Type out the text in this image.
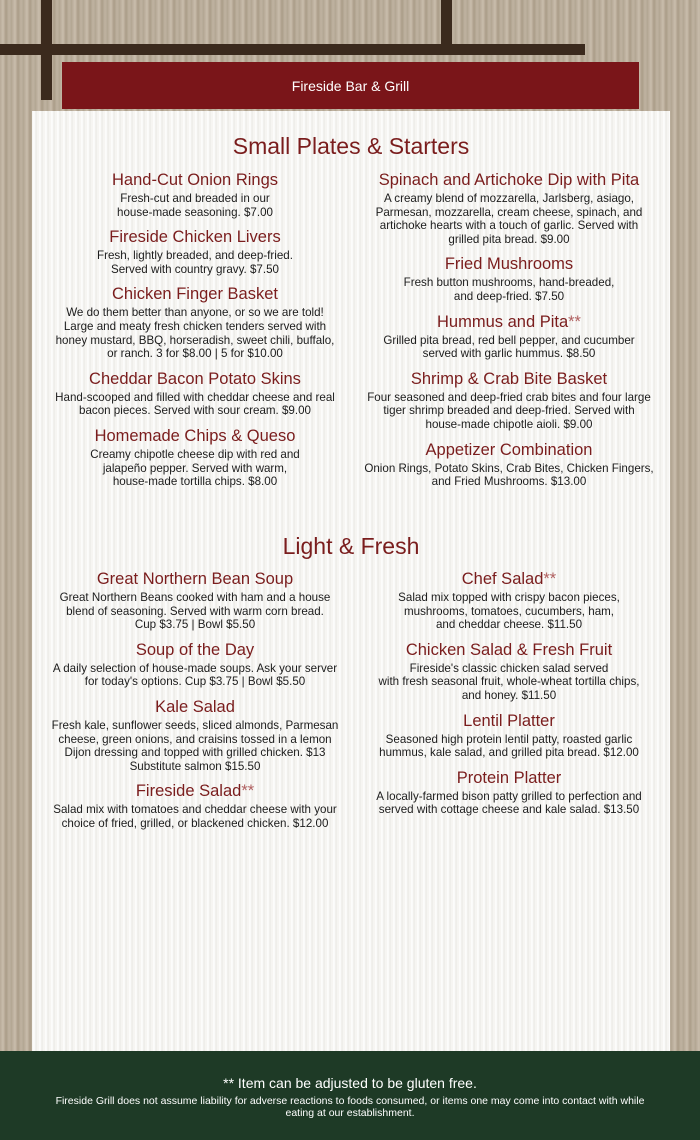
Fireside Bar & Grill
Small Plates & Starters
Hand-Cut Onion Rings
Fresh-cut and breaded in our
house-made seasoning. $7.00
Fireside Chicken Livers
Fresh, lightly breaded, and deep-fried.
Served with country gravy. $7.50
Chicken Finger Basket
We do them better than anyone, or so we are told!
Large and meaty fresh chicken tenders served with
honey mustard, BBQ, horseradish, sweet chili, buffalo,
or ranch. 3 for $8.00 | 5 for $10.00
Cheddar Bacon Potato Skins
Hand-scooped and filled with cheddar cheese and real
bacon pieces. Served with sour cream. $9.00
Homemade Chips & Queso
Creamy chipotle cheese dip with red and
jalapeño pepper. Served with warm,
house-made tortilla chips. $8.00
Spinach and Artichoke Dip with Pita
A creamy blend of mozzarella, Jarlsberg, asiago,
Parmesan, mozzarella, cream cheese, spinach, and
artichoke hearts with a touch of garlic. Served with
grilled pita bread. $9.00
Fried Mushrooms
Fresh button mushrooms, hand-breaded,
and deep-fried. $7.50
Hummus and Pita**
Grilled pita bread, red bell pepper, and cucumber
served with garlic hummus. $8.50
Shrimp & Crab Bite Basket
Four seasoned and deep-fried crab bites and four large
tiger shrimp breaded and deep-fried. Served with
house-made chipotle aioli. $9.00
Appetizer Combination
Onion Rings, Potato Skins, Crab Bites, Chicken Fingers,
and Fried Mushrooms. $13.00
Light & Fresh
Great Northern Bean Soup
Great Northern Beans cooked with ham and a house
blend of seasoning. Served with warm corn bread.
Cup $3.75 | Bowl $5.50
Soup of the Day
A daily selection of house-made soups. Ask your server
for today's options. Cup $3.75 | Bowl $5.50
Kale Salad
Fresh kale, sunflower seeds, sliced almonds, Parmesan
cheese, green onions, and craisins tossed in a lemon
Dijon dressing and topped with grilled chicken. $13
Substitute salmon $15.50
Fireside Salad**
Salad mix with tomatoes and cheddar cheese with your
choice of fried, grilled, or blackened chicken. $12.00
Chef Salad**
Salad mix topped with crispy bacon pieces,
mushrooms, tomatoes, cucumbers, ham,
and cheddar cheese. $11.50
Chicken Salad & Fresh Fruit
Fireside's classic chicken salad served
with fresh seasonal fruit, whole-wheat tortilla chips,
and honey. $11.50
Lentil Platter
Seasoned high protein lentil patty, roasted garlic
hummus, kale salad, and grilled pita bread. $12.00
Protein Platter
A locally-farmed bison patty grilled to perfection and
served with cottage cheese and kale salad. $13.50
** Item can be adjusted to be gluten free.
Fireside Grill does not assume liability for adverse reactions to foods consumed, or items one may come into contact with while
eating at our establishment.
